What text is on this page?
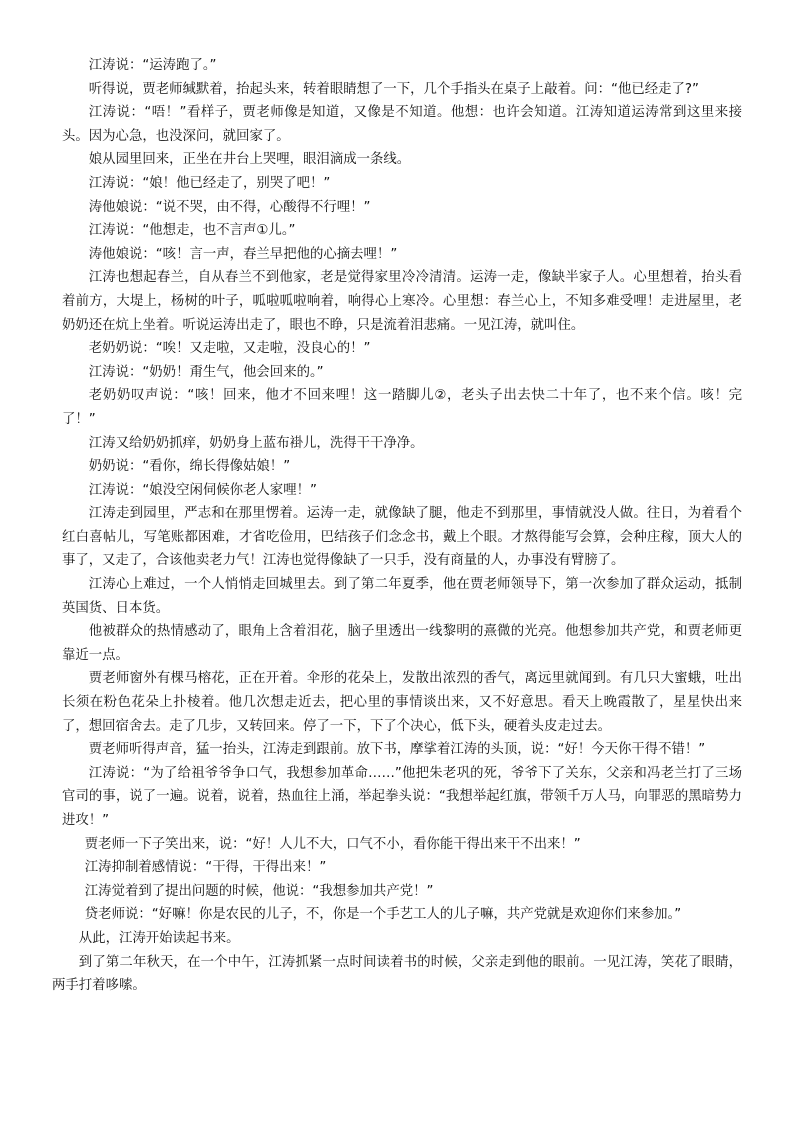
江涛说：“运涛跑了。”

听得说，贾老师缄默着，抬起头来，转着眼睛想了一下，几个手指头在桌子上敲着。问：“他已经走了?”

江涛说：“唔！”看样子，贾老师像是知道，又像是不知道。他想：也许会知道。江涛知道运涛常到这里来接头。因为心急，也没深问，就回家了。

娘从园里回来，正坐在井台上哭哩，眼泪滴成一条线。

江涛说：“娘！他已经走了，别哭了吧！”

涛他娘说：“说不哭，由不得，心酸得不行哩！”

江涛说：“他想走，也不言声①儿。”

涛他娘说：“咳！言一声，春兰早把他的心摘去哩！”

江涛也想起春兰，自从春兰不到他家，老是觉得家里冷冷清清。运涛一走，像缺半家子人。心里想着，抬头看着前方，大堤上，杨树的叶子，呱啦呱啦响着，响得心上寒冷。心里想：春兰心上，不知多难受哩！走进屋里，老奶奶还在炕上坐着。听说运涛出走了，眼也不睁，只是流着泪悲痛。一见江涛，就叫住。

老奶奶说：“唉！又走啦，又走啦，没良心的！”

江涛说：“奶奶！甭生气，他会回来的。”

老奶奶叹声说：“咳！回来，他才不回来哩！这一踏脚儿②，老头子出去快二十年了，也不来个信。咳！完了！”

江涛又给奶奶抓痒，奶奶身上蓝布褂儿，洗得干干净净。

奶奶说：“看你，绵长得像姑娘！”

江涛说：“娘没空闲伺候你老人家哩！”

江涛走到园里，严志和在那里愣着。运涛一走，就像缺了腿，他走不到那里，事情就没人做。往日，为着看个红白喜帖儿，写笔账都困难，才省吃俭用，巴结孩子们念念书，戴上个眼。才熬得能写会算，会种庄稼，顶大人的事了，又走了，合该他卖老力气！江涛也觉得像缺了一只手，没有商量的人，办事没有臂膀了。

江涛心上难过，一个人悄悄走回城里去。到了第二年夏季，他在贾老师领导下，第一次参加了群众运动，抵制英国货、日本货。

他被群众的热情感动了，眼角上含着泪花，脑子里透出一线黎明的熹微的光亮。他想参加共产党，和贾老师更靠近一点。

贾老师窗外有棵马榕花，正在开着。伞形的花朵上，发散出浓烈的香气，离远里就闻到。有几只大蜜蛾，吐出长须在粉色花朵上扑棱着。他几次想走近去，把心里的事情谈出来，又不好意思。看天上晚霞散了，星星快出来了，想回宿舍去。走了几步，又转回来。停了一下，下了个决心，低下头，硬着头皮走过去。

贾老师听得声音，猛一抬头，江涛走到跟前。放下书，摩挲着江涛的头顶，说：“好！今天你干得不错！”

江涛说：“为了给祖爷爷争口气，我想参加革命……”他把朱老巩的死，爷爷下了关东，父亲和冯老兰打了三场官司的事，说了一遍。说着，说着，热血往上涌，举起拳头说：“我想举起红旗，带领千万人马，向罪恶的黑暗势力进攻！”

贾老师一下子笑出来，说：“好！人儿不大，口气不小，看你能干得出来干不出来！”

江涛抑制着感情说：“干得，干得出来！”

江涛觉着到了提出问题的时候，他说：“我想参加共产党！”

贷老师说：“好嘛！你是农民的儿子，不，你是一个手艺工人的儿子嘛，共产党就是欢迎你们来参加。”

从此，江涛开始读起书来。

到了第二年秋天，在一个中午，江涛抓紧一点时间读着书的时候，父亲走到他的眼前。一见江涛，笑花了眼睛，两手打着哆嗦。
